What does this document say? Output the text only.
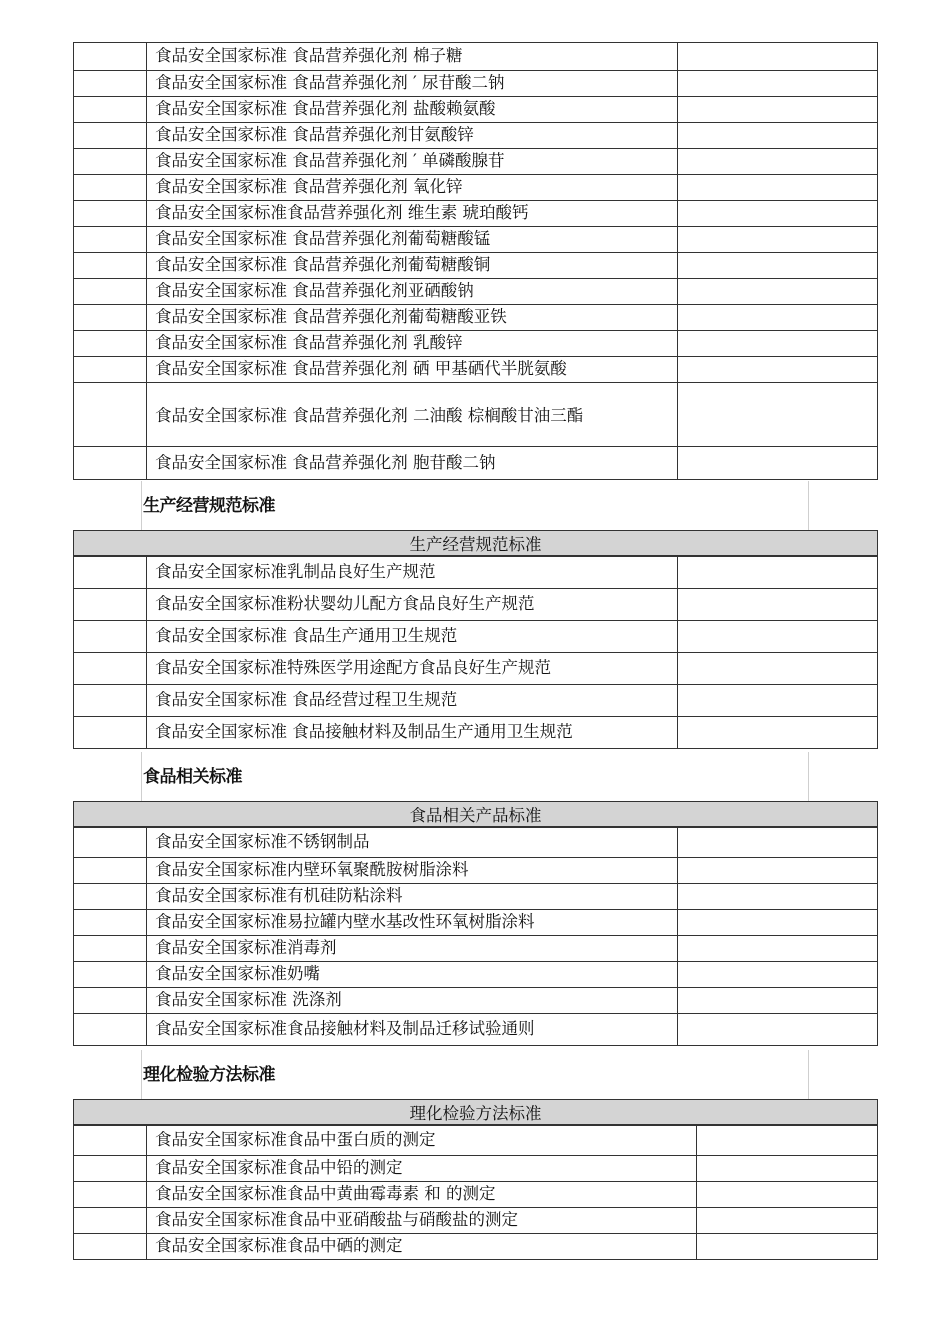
	食品安全国家标准 食品营养强化剂 棉子糖	
	食品安全国家标准 食品营养强化剂 ′ 尿苷酸二钠	
	食品安全国家标准 食品营养强化剂 盐酸赖氨酸	
	食品安全国家标准 食品营养强化剂甘氨酸锌	
	食品安全国家标准 食品营养强化剂 ′ 单磷酸腺苷	
	食品安全国家标准 食品营养强化剂 氧化锌	
	食品安全国家标准食品营养强化剂 维生素 琥珀酸钙	
	食品安全国家标准 食品营养强化剂葡萄糖酸锰	
	食品安全国家标准 食品营养强化剂葡萄糖酸铜	
	食品安全国家标准 食品营养强化剂亚硒酸钠	
	食品安全国家标准 食品营养强化剂葡萄糖酸亚铁	
	食品安全国家标准 食品营养强化剂 乳酸锌	
	食品安全国家标准 食品营养强化剂 硒 甲基硒代半胱氨酸	
	食品安全国家标准 食品营养强化剂 二油酸 棕榈酸甘油三酯	
	食品安全国家标准 食品营养强化剂 胞苷酸二钠	
生产经营规范标准
生产经营规范标准		
	食品安全国家标准乳制品良好生产规范	
	食品安全国家标准粉状婴幼儿配方食品良好生产规范	
	食品安全国家标准 食品生产通用卫生规范	
	食品安全国家标准特殊医学用途配方食品良好生产规范	
	食品安全国家标准 食品经营过程卫生规范	
	食品安全国家标准 食品接触材料及制品生产通用卫生规范	
食品相关标准
食品相关产品标准		
	食品安全国家标准不锈钢制品	
	食品安全国家标准内壁环氧聚酰胺树脂涂料	
	食品安全国家标准有机硅防粘涂料	
	食品安全国家标准易拉罐内壁水基改性环氧树脂涂料	
	食品安全国家标准消毒剂	
	食品安全国家标准奶嘴	
	食品安全国家标准 洗涤剂	
	食品安全国家标准食品接触材料及制品迁移试验通则	
理化检验方法标准
理化检验方法标准		
	食品安全国家标准食品中蛋白质的测定	
	食品安全国家标准食品中铅的测定	
	食品安全国家标准食品中黄曲霉毒素 和 的测定	
	食品安全国家标准食品中亚硝酸盐与硝酸盐的测定	
	食品安全国家标准食品中硒的测定	
